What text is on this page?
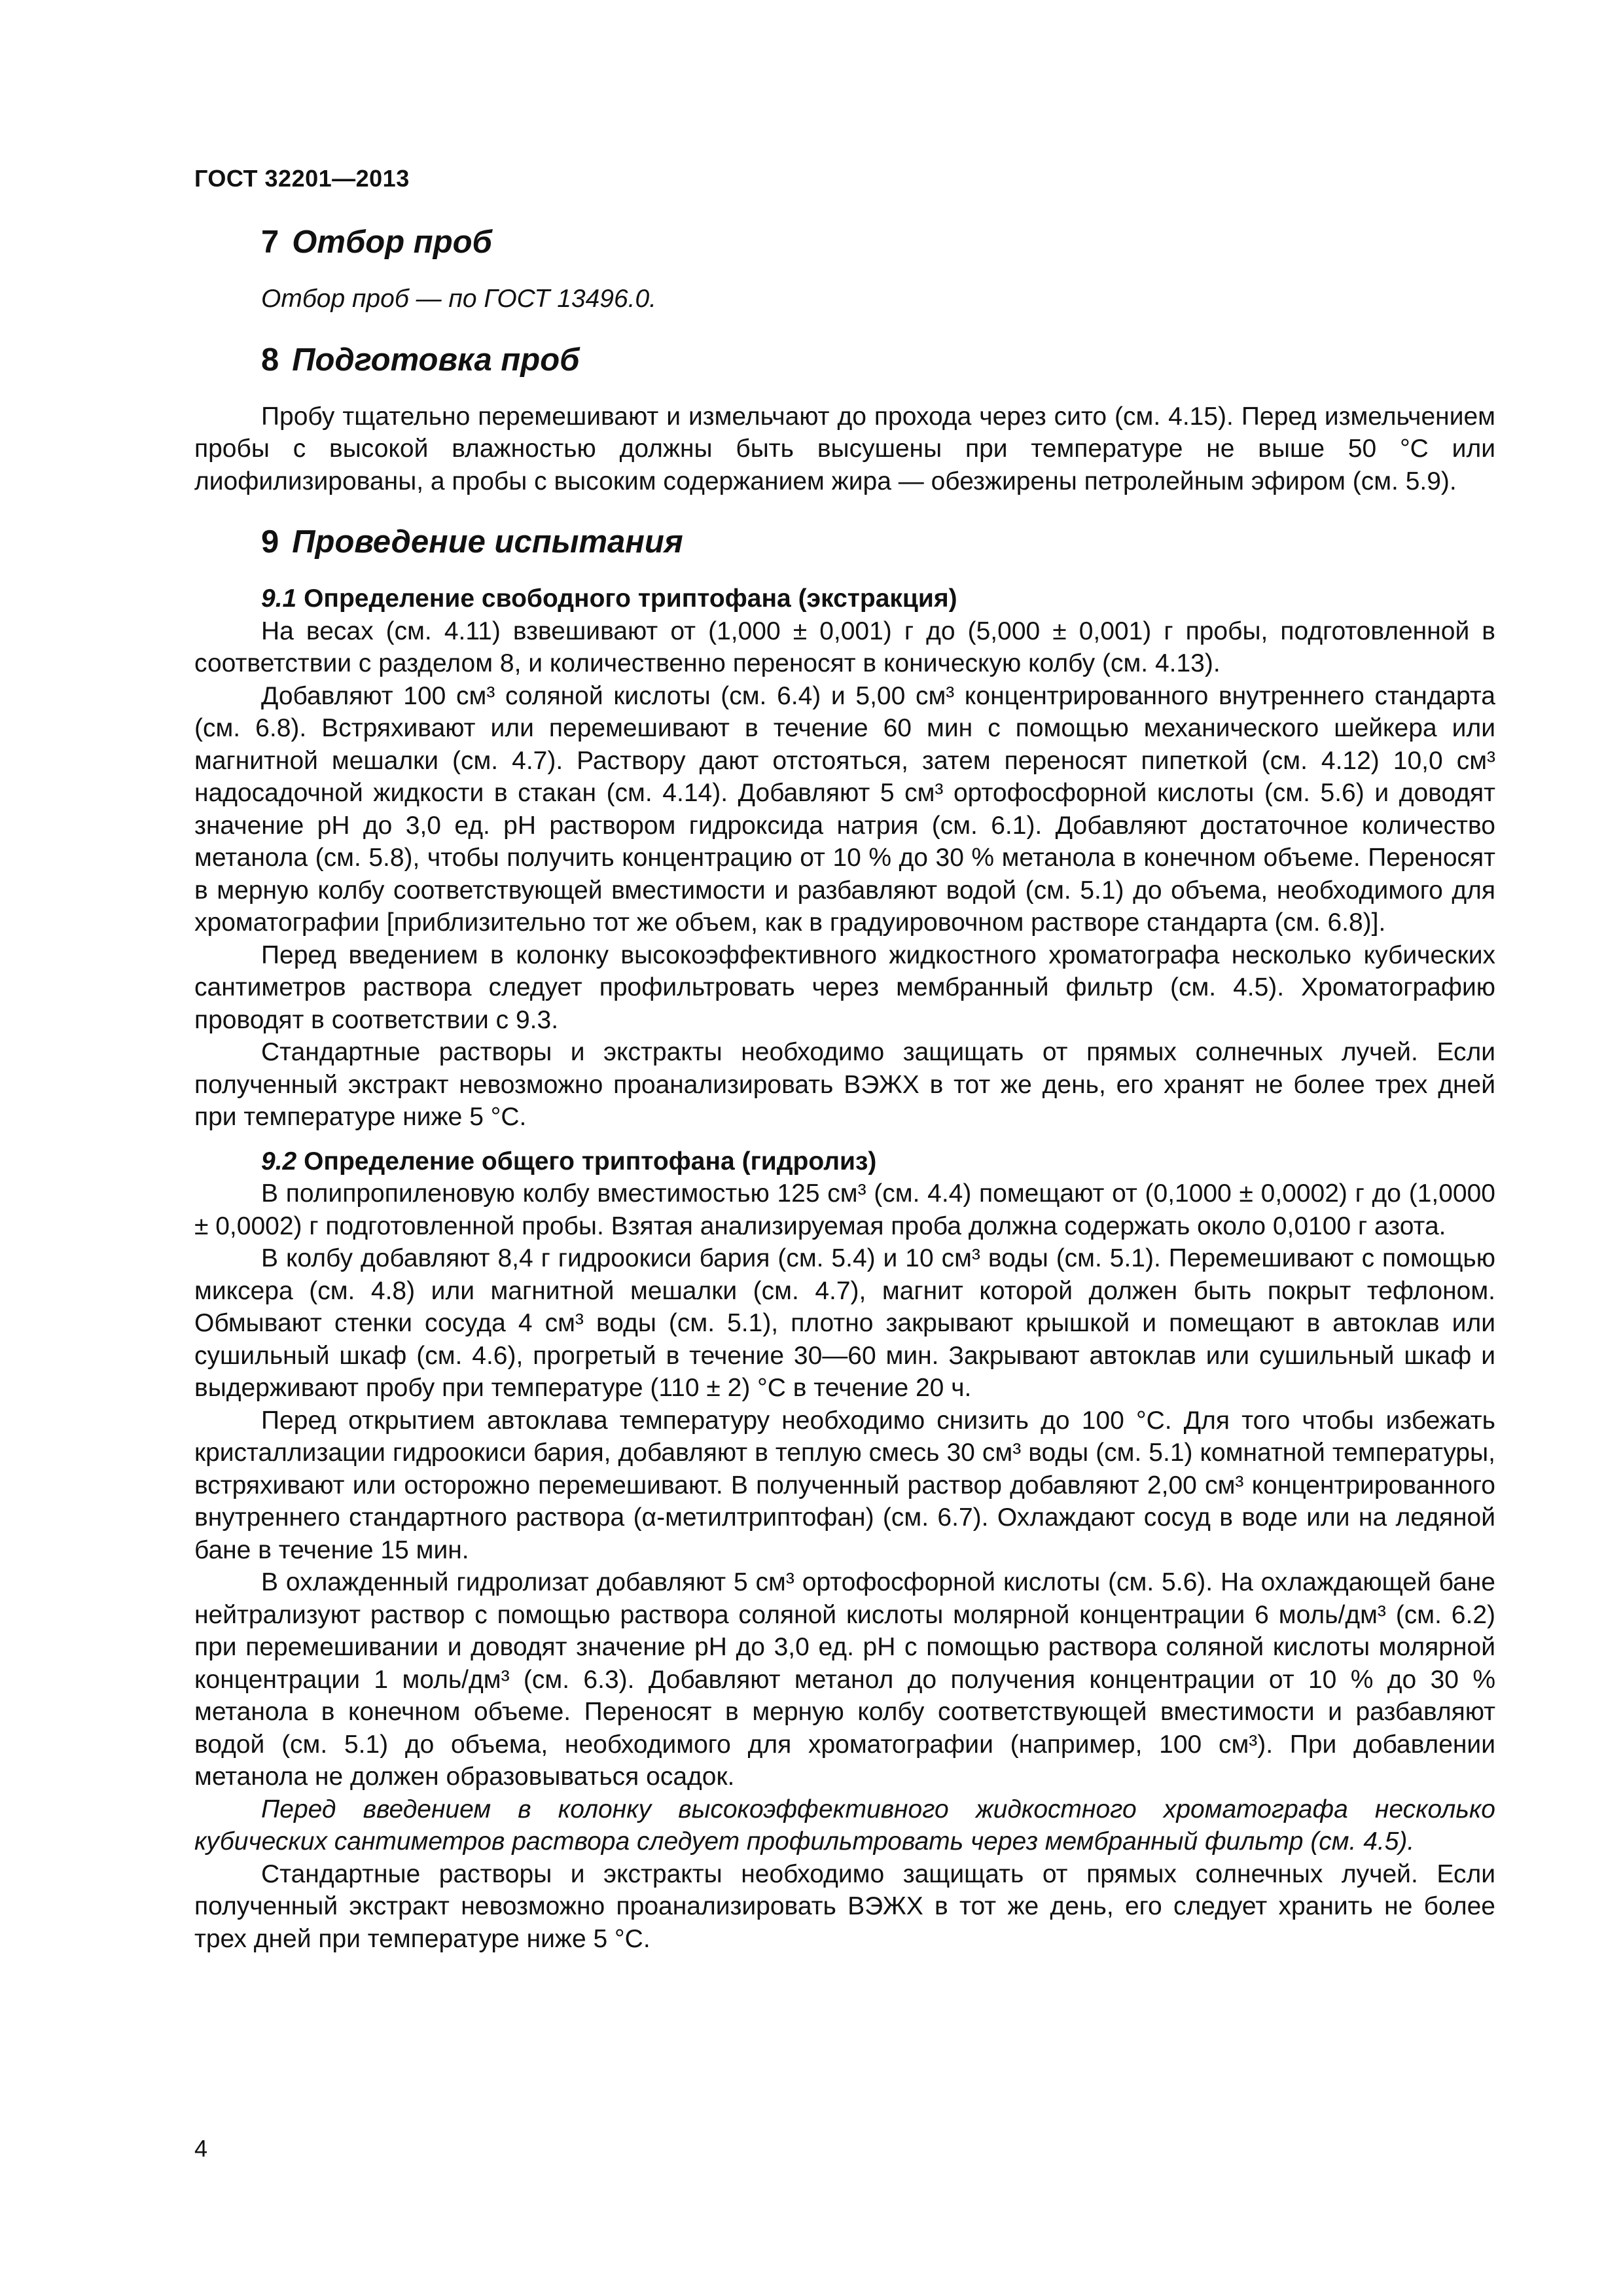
ГОСТ 32201—2013
7 Отбор проб

Отбор проб — по ГОСТ 13496.0.

8 Подготовка проб

Пробу тщательно перемешивают и измельчают до прохода через сито (см. 4.15). Перед измельчением пробы с высокой влажностью должны быть высушены при температуре не выше 50 °С или лиофилизированы, а пробы с высоким содержанием жира — обезжирены петролейным эфиром (см. 5.9).

9 Проведение испытания
9.1 Определение свободного триптофана (экстракция)

На весах (см. 4.11) взвешивают от (1,000 ± 0,001) г до (5,000 ± 0,001) г пробы, подготовленной в соответствии с разделом 8, и количественно переносят в коническую колбу (см. 4.13).

Добавляют 100 см³ соляной кислоты (см. 6.4) и 5,00 см³ концентрированного внутреннего стандарта (см. 6.8). Встряхивают или перемешивают в течение 60 мин с помощью механического шейкера или магнитной мешалки (см. 4.7). Раствору дают отстояться, затем переносят пипеткой (см. 4.12) 10,0 см³ надосадочной жидкости в стакан (см. 4.14). Добавляют 5 см³ ортофосфорной кислоты (см. 5.6) и доводят значение pH до 3,0 ед. pH раствором гидроксида натрия (см. 6.1). Добавляют достаточное количество метанола (см. 5.8), чтобы получить концентрацию от 10 % до 30 % метанола в конечном объеме. Переносят в мерную колбу соответствующей вместимости и разбавляют водой (см. 5.1) до объема, необходимого для хроматографии [приблизительно тот же объем, как в градуировочном растворе стандарта (см. 6.8)].

Перед введением в колонку высокоэффективного жидкостного хроматографа несколько кубических сантиметров раствора следует профильтровать через мембранный фильтр (см. 4.5). Хроматографию проводят в соответствии с 9.3.

Стандартные растворы и экстракты необходимо защищать от прямых солнечных лучей. Если полученный экстракт невозможно проанализировать ВЭЖХ в тот же день, его хранят не более трех дней при температуре ниже 5 °С.

9.2 Определение общего триптофана (гидролиз)

В полипропиленовую колбу вместимостью 125 см³ (см. 4.4) помещают от (0,1000 ± 0,0002) г до (1,0000 ± 0,0002) г подготовленной пробы. Взятая анализируемая проба должна содержать около 0,0100 г азота.

В колбу добавляют 8,4 г гидроокиси бария (см. 5.4) и 10 см³ воды (см. 5.1). Перемешивают с помощью миксера (см. 4.8) или магнитной мешалки (см. 4.7), магнит которой должен быть покрыт тефлоном. Обмывают стенки сосуда 4 см³ воды (см. 5.1), плотно закрывают крышкой и помещают в автоклав или сушильный шкаф (см. 4.6), прогретый в течение 30—60 мин. Закрывают автоклав или сушильный шкаф и выдерживают пробу при температуре (110 ± 2) °С в течение 20 ч.

Перед открытием автоклава температуру необходимо снизить до 100 °С. Для того чтобы избежать кристаллизации гидроокиси бария, добавляют в теплую смесь 30 см³ воды (см. 5.1) комнатной температуры, встряхивают или осторожно перемешивают. В полученный раствор добавляют 2,00 см³ концентрированного внутреннего стандартного раствора (α-метилтриптофан) (см. 6.7). Охлаждают сосуд в воде или на ледяной бане в течение 15 мин.

В охлажденный гидролизат добавляют 5 см³ ортофосфорной кислоты (см. 5.6). На охлаждающей бане нейтрализуют раствор с помощью раствора соляной кислоты молярной концентрации 6 моль/дм³ (см. 6.2) при перемешивании и доводят значение pH до 3,0 ед. pH с помощью раствора соляной кислоты молярной концентрации 1 моль/дм³ (см. 6.3). Добавляют метанол до получения концентрации от 10 % до 30 % метанола в конечном объеме. Переносят в мерную колбу соответствующей вместимости и разбавляют водой (см. 5.1) до объема, необходимого для хроматографии (например, 100 см³). При добавлении метанола не должен образовываться осадок.

Перед введением в колонку высокоэффективного жидкостного хроматографа несколько кубических сантиметров раствора следует профильтровать через мембранный фильтр (см. 4.5).

Стандартные растворы и экстракты необходимо защищать от прямых солнечных лучей. Если полученный экстракт невозможно проанализировать ВЭЖХ в тот же день, его следует хранить не более трех дней при температуре ниже 5 °С.

4
